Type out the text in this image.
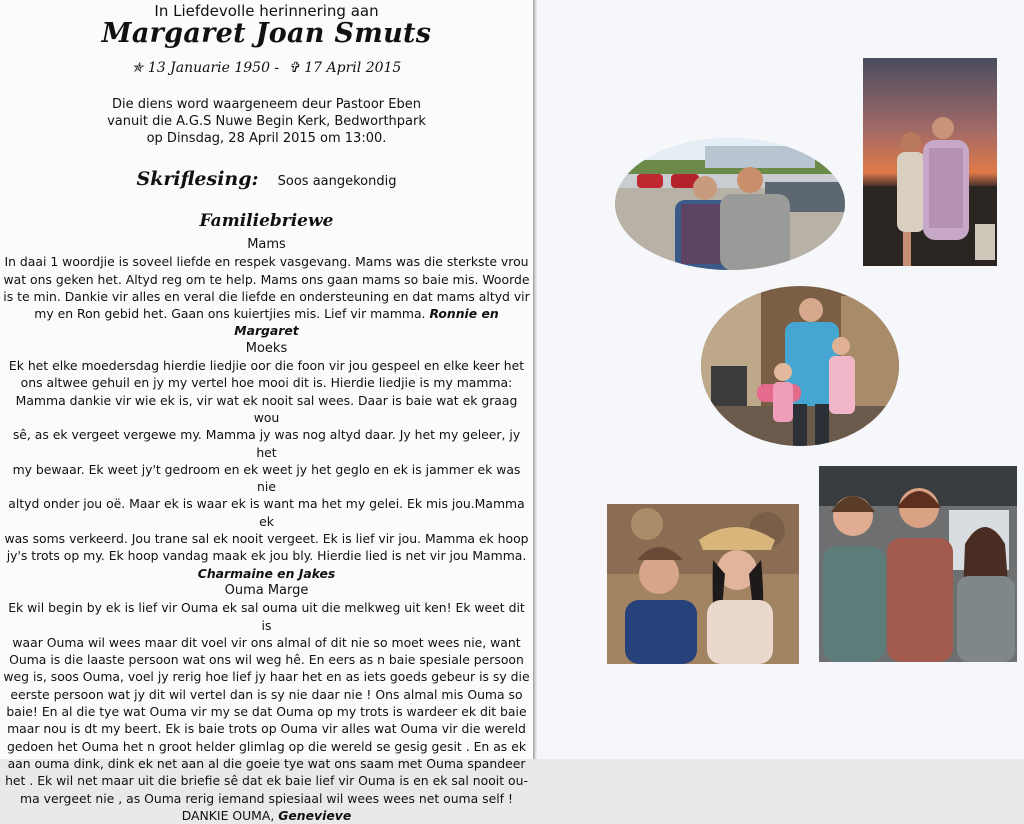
In Liefdevolle herinnering aan
Margaret Joan Smuts
✯ 13 Januarie 1950 - ✞ 17 April 2015
Die diens word waargeneem deur Pastoor Eben
vanuit die A.G.S Nuwe Begin Kerk, Bedworthpark
op Dinsdag, 28 April 2015 om 13:00.
Skriflesing: Soos aangekondig
Familiebriewe
Mams
In daai 1 woordjie is soveel liefde en respek vasgevang. Mams was die sterkste vrou
wat ons geken het. Altyd reg om te help. Mams ons gaan mams so baie mis. Woorde
is te min. Dankie vir alles en veral die liefde en ondersteuning en dat mams altyd vir
my en Ron gebid het. Gaan ons kuiertjies mis. Lief vir mamma. Ronnie en Margaret
Moeks
Ek het elke moedersdag hierdie liedjie oor die foon vir jou gespeel en elke keer het
ons altwee gehuil en jy my vertel hoe mooi dit is. Hierdie liedjie is my mamma:
Mamma dankie vir wie ek is, vir wat ek nooit sal wees. Daar is baie wat ek graag wou
sê, as ek vergeet vergewe my. Mamma jy was nog altyd daar. Jy het my geleer, jy het
my bewaar. Ek weet jy't gedroom en ek weet jy het geglo en ek is jammer ek was nie
altyd onder jou oë. Maar ek is waar ek is want ma het my gelei. Ek mis jou.Mamma ek
was soms verkeerd. Jou trane sal ek nooit vergeet. Ek is lief vir jou. Mamma ek hoop
jy's trots op my. Ek hoop vandag maak ek jou bly. Hierdie lied is net vir jou Mamma.
Charmaine en Jakes
Ouma Marge
Ek wil begin by ek is lief vir Ouma ek sal ouma uit die melkweg uit ken! Ek weet dit is
waar Ouma wil wees maar dit voel vir ons almal of dit nie so moet wees nie, want
Ouma is die laaste persoon wat ons wil weg hê. En eers as n baie spesiale persoon
weg is, soos Ouma, voel jy rerig hoe lief jy haar het en as iets goeds gebeur is sy die
eerste persoon wat jy dit wil vertel dan is sy nie daar nie ! Ons almal mis Ouma so
baie! En al die tye wat Ouma vir my se dat Ouma op my trots is wardeer ek dit baie
maar nou is dt my beert. Ek is baie trots op Ouma vir alles wat Ouma vir die wereld
gedoen het Ouma het n groot helder glimlag op die wereld se gesig gesit . En as ek
aan ouma dink, dink ek net aan al die goeie tye wat ons saam met Ouma spandeer
het . Ek wil net maar uit die briefie sê dat ek baie lief vir Ouma is en ek sal nooit ou-
ma vergeet nie , as Ouma rerig iemand spiesiaal wil wees wees net ouma self !
DANKIE OUMA, Genevieve
